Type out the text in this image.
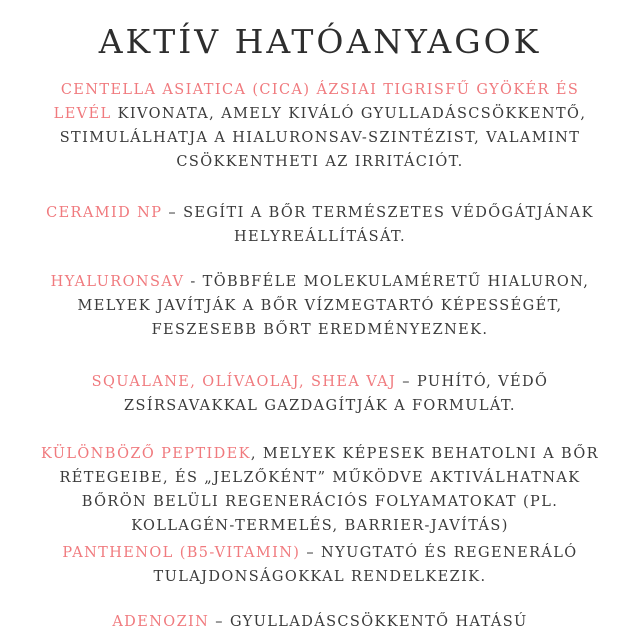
AKTÍV HATÓANYAGOK

CENTELLA ASIATICA (CICA) ÁZSIAI TIGRISFŰ GYÖKÉR ÉS LEVÉL KIVONATA, AMELY KIVÁLÓ GYULLADÁSCSÖKKENTŐ, STIMULÁLHATJA A HIALURONSAV-SZINTÉZIST, VALAMINT CSÖKKENTHETI AZ IRRITÁCIÓT.

CERAMID NP – SEGÍTI A BŐR TERMÉSZETES VÉDŐGÁTJÁNAK HELYREÁLLÍTÁSÁT.

HYALURONSAV - TÖBBFÉLE MOLEKULAMÉRETŰ HIALURON, MELYEK JAVÍTJÁK A BŐR VÍZMEGTARTÓ KÉPESSÉGÉT, FESZESEBB BŐRT EREDMÉNYEZNEK.

SQUALANE, OLÍVAOLAJ, SHEA VAJ – PUHÍTÓ, VÉDŐ ZSÍRSAVAKKAL GAZDAGÍTJÁK A FORMULÁT.

KÜLÖNBÖZŐ PEPTIDEK, MELYEK KÉPESEK BEHATOLNI A BŐR RÉTEGEIBE, ÉS „JELZŐKÉNT” MŰKÖDVE AKTIVÁLHATNAK BŐRÖN BELÜLI REGENERÁCIÓS FOLYAMATOKAT (PL. KOLLAGÉN-TERMELÉS, BARRIER-JAVÍTÁS)

PANTHENOL (B5-VITAMIN) – NYUGTATÓ ÉS REGENERÁLÓ TULAJDONSÁGOKKAL RENDELKEZIK.

ADENOZIN – GYULLADÁSCSÖKKENTŐ HATÁSÚ
